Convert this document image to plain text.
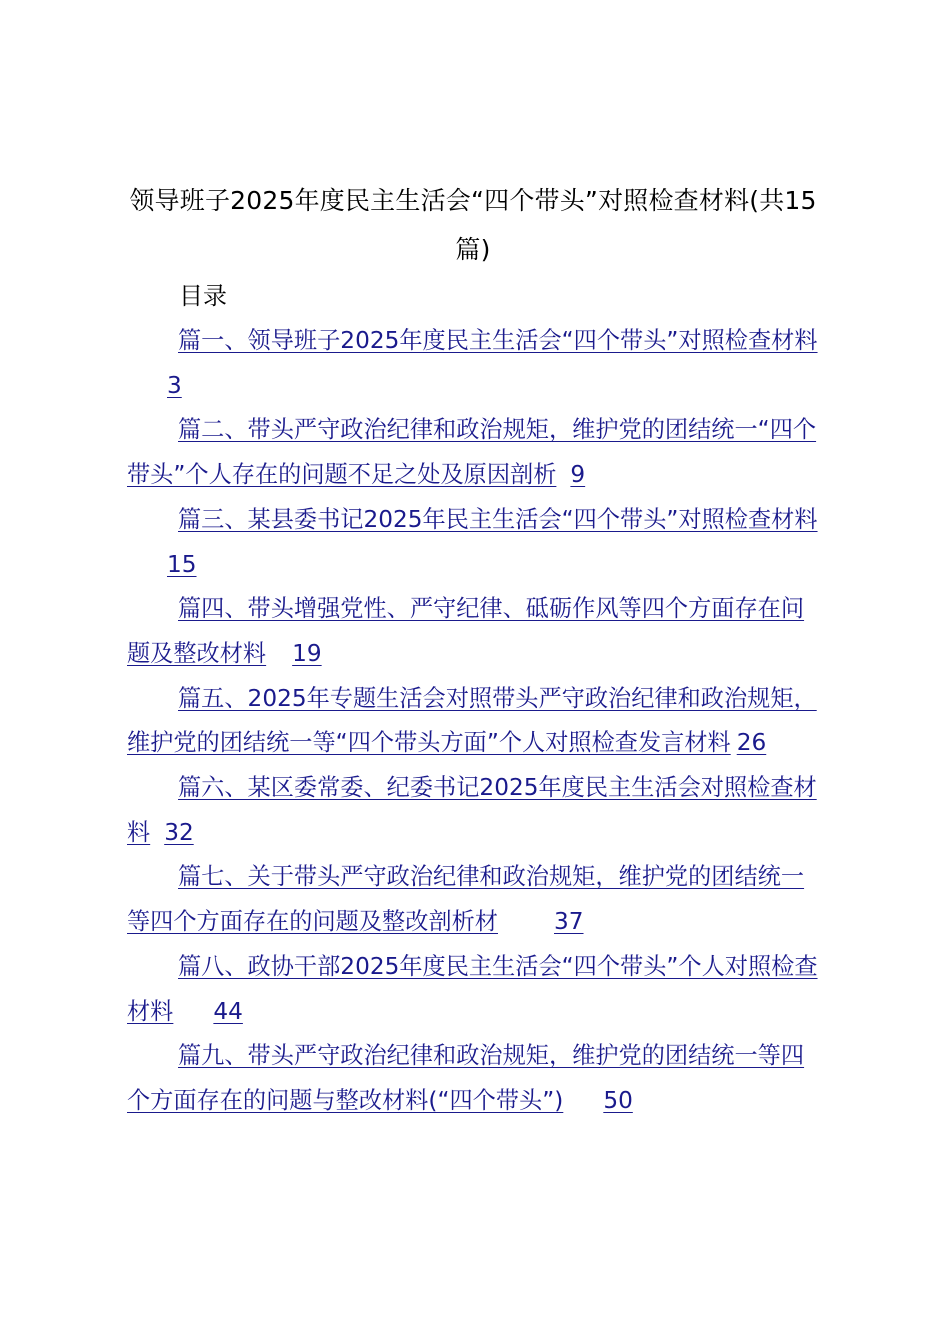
领导班子2025年度民主生活会“四个带头”对照检查材料(共15篇)
目录
篇一、领导班子2025年度民主生活会“四个带头”对照检查材料3
篇二、带头严守政治纪律和政治规矩，维护党的团结统一“四个带头”个人存在的问题不足之处及原因剖析 9
篇三、某县委书记2025年民主生活会“四个带头”对照检查材料15
篇四、带头增强党性、严守纪律、砥砺作风等四个方面存在问题及整改材料 19
篇五、2025年专题生活会对照带头严守政治纪律和政治规矩，维护党的团结统一等“四个带头方面”个人对照检查发言材料 26
篇六、某区委常委、纪委书记2025年度民主生活会对照检查材料 32
篇七、关于带头严守政治纪律和政治规矩，维护党的团结统一等四个方面存在的问题及整改剖析材 37
篇八、政协干部2025年度民主生活会“四个带头”个人对照检查材料 44
篇九、带头严守政治纪律和政治规矩，维护党的团结统一等四个方面存在的问题与整改材料(“四个带头”) 50
